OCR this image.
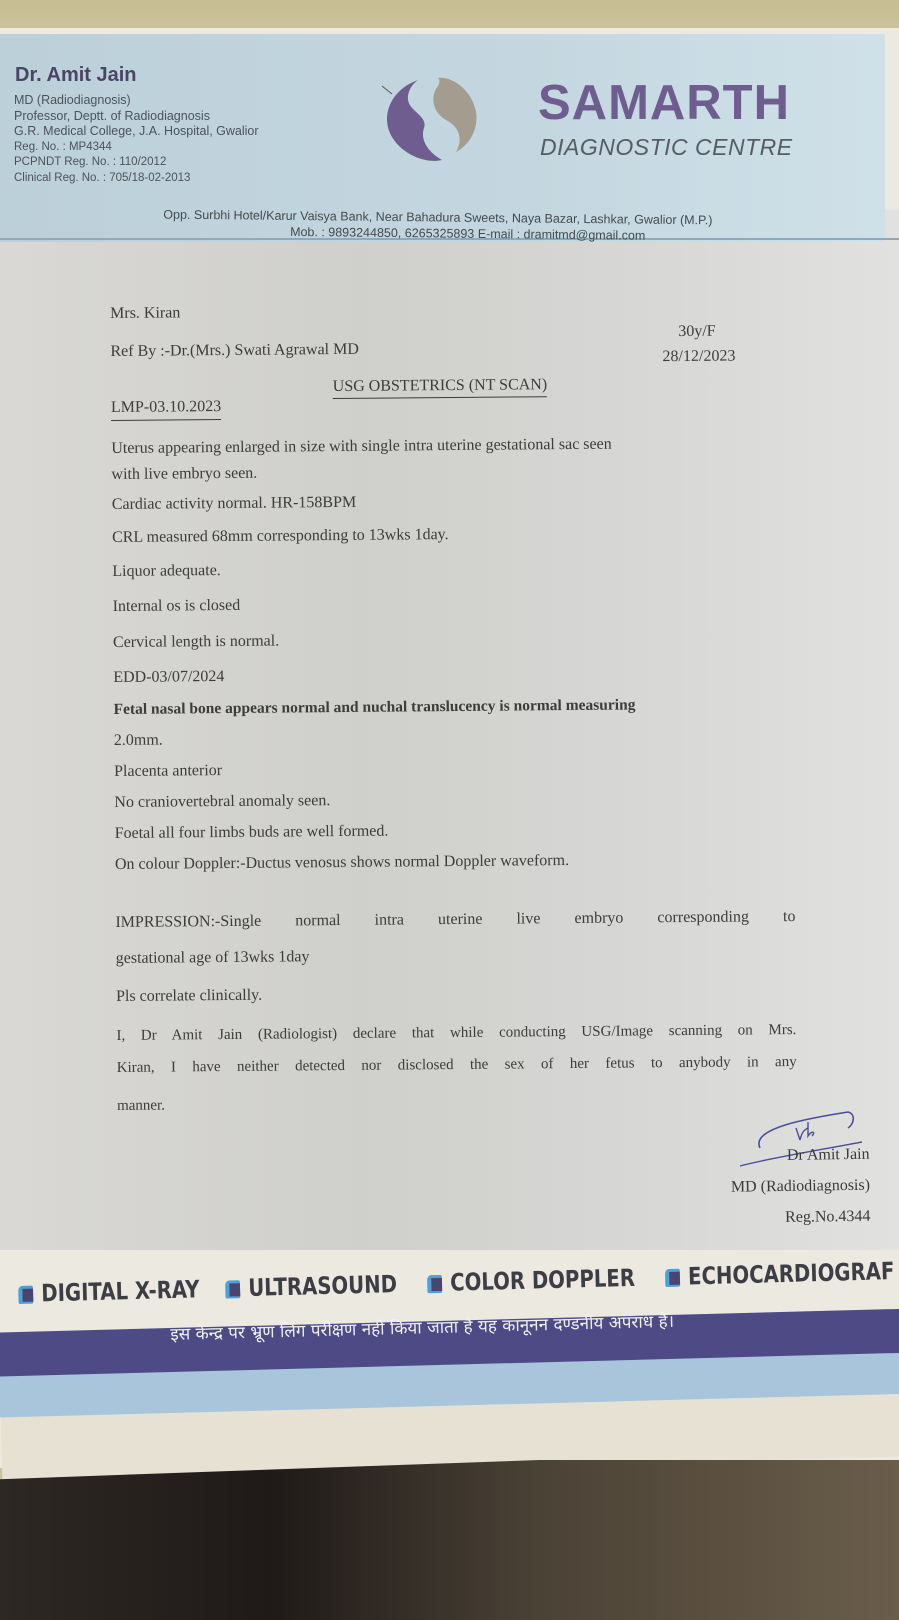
Dr. Amit Jain
MD (Radiodiagnosis)
Professor, Deptt. of Radiodiagnosis
G.R. Medical College, J.A. Hospital, Gwalior
Reg. No. : MP4344
PCPNDT Reg. No. : 110/2012
Clinical Reg. No. : 705/18-02-2013
SAMARTH
DIAGNOSTIC CENTRE
Opp. Surbhi Hotel/Karur Vaisya Bank, Near Bahadura Sweets, Naya Bazar, Lashkar, Gwalior (M.P.)
Mob. : 9893244850, 6265325893 E-mail : dramitmd@gmail.com
Mrs. Kiran
Ref By :-Dr.(Mrs.) Swati Agrawal MD
30y/F
28/12/2023
USG OBSTETRICS (NT SCAN)
LMP-03.10.2023
Uterus appearing enlarged in size with single intra uterine gestational sac seen
with live embryo seen.
Cardiac activity normal. HR-158BPM
CRL measured 68mm corresponding to 13wks 1day.
Liquor adequate.
Internal os is closed
Cervical length is normal.
EDD-03/07/2024
Fetal nasal bone appears normal and nuchal translucency is normal measuring
2.0mm.
Placenta anterior
No craniovertebral anomaly seen.
Foetal all four limbs buds are well formed.
On colour Doppler:-Ductus venosus shows normal Doppler waveform.
IMPRESSION:-Single normal intra uterine live embryo corresponding to
gestational age of 13wks 1day
Pls correlate clinically.
I, Dr Amit Jain (Radiologist) declare that while conducting USG/Image scanning on Mrs.
Kiran, I have neither detected nor disclosed the sex of her fetus to anybody in any
manner.
Dr Amit Jain
MD (Radiodiagnosis)
Reg.No.4344
DIGITAL X-RAY
ULTRASOUND
COLOR DOPPLER
ECHOCARDIOGRAF
इस केन्द्र पर भ्रूण लिंग परीक्षण नही किया जाता है यह कानूनन दण्डनीय अपराध है।
